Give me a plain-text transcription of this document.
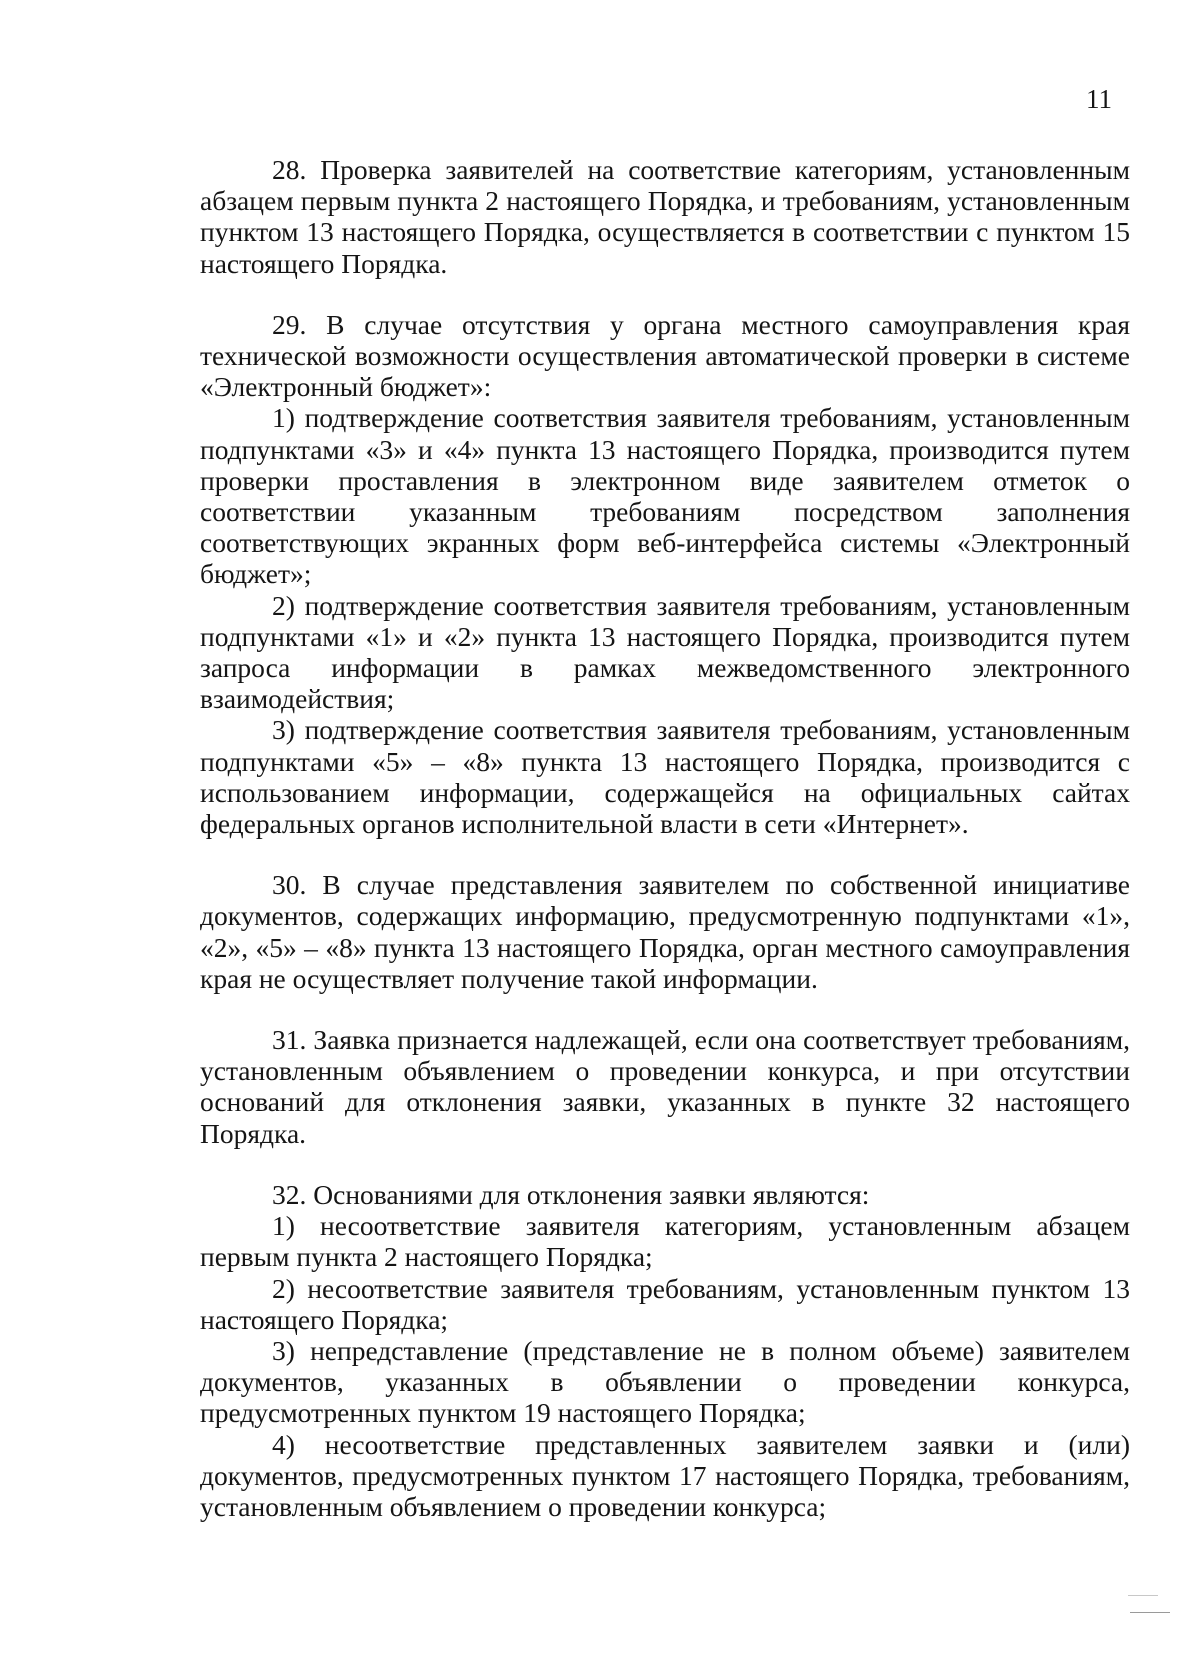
11

28. Проверка заявителей на соответствие категориям, установленным абзацем первым пункта 2 настоящего Порядка, и требованиям, установленным пунктом 13 настоящего Порядка, осуществляется в соответствии с пунктом 15 настоящего Порядка.

29. В случае отсутствия у органа местного самоуправления края технической возможности осуществления автоматической проверки в системе «Электронный бюджет»:

1) подтверждение соответствия заявителя требованиям, установленным подпунктами «3» и «4» пункта 13 настоящего Порядка, производится путем проверки проставления в электронном виде заявителем отметок о соответствии указанным требованиям посредством заполнения соответствующих экранных форм веб-интерфейса системы «Электронный бюджет»;

2) подтверждение соответствия заявителя требованиям, установленным подпунктами «1» и «2» пункта 13 настоящего Порядка, производится путем запроса информации в рамках межведомственного электронного взаимодействия;

3) подтверждение соответствия заявителя требованиям, установленным подпунктами «5» – «8» пункта 13 настоящего Порядка, производится с использованием информации, содержащейся на официальных сайтах федеральных органов исполнительной власти в сети «Интернет».

30. В случае представления заявителем по собственной инициативе документов, содержащих информацию, предусмотренную подпунктами «1», «2», «5» – «8» пункта 13 настоящего Порядка, орган местного самоуправления края не осуществляет получение такой информации.

31. Заявка признается надлежащей, если она соответствует требованиям, установленным объявлением о проведении конкурса, и при отсутствии оснований для отклонения заявки, указанных в пункте 32 настоящего Порядка.

32. Основаниями для отклонения заявки являются:

1) несоответствие заявителя категориям, установленным абзацем первым пункта 2 настоящего Порядка;

2) несоответствие заявителя требованиям, установленным пунктом 13 настоящего Порядка;

3) непредставление (представление не в полном объеме) заявителем документов, указанных в объявлении о проведении конкурса, предусмотренных пунктом 19 настоящего Порядка;

4) несоответствие представленных заявителем заявки и (или) документов, предусмотренных пунктом 17 настоящего Порядка, требованиям, установленным объявлением о проведении конкурса;
